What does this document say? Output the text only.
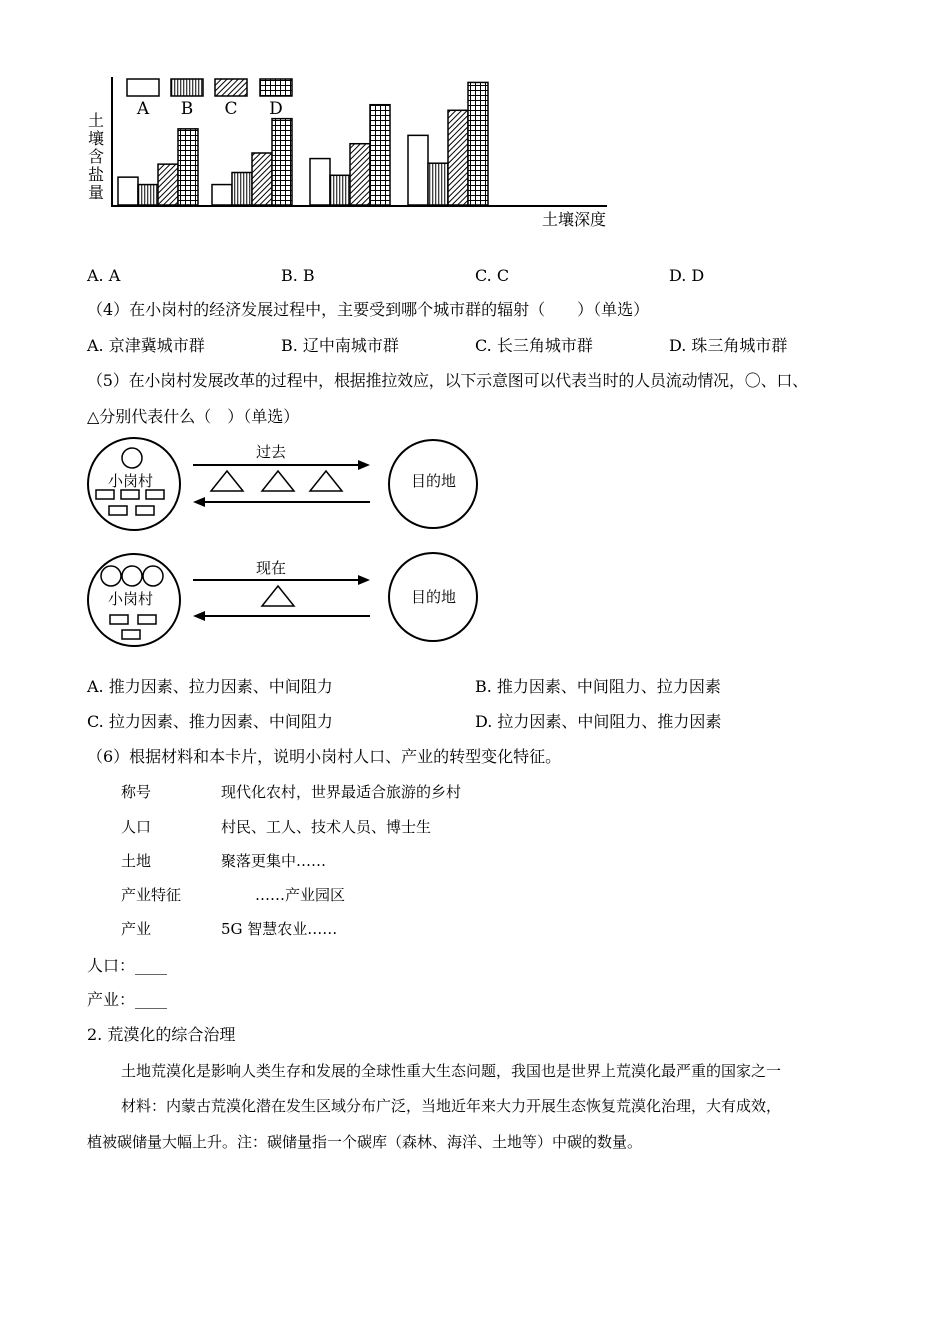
土壤含盐量
土壤深度
A B C D
A. A	B. B	C. C	D. D
（4）在小岗村的经济发展过程中，主要受到哪个城市群的辐射（　　）（单选）
A. 京津冀城市群	B. 辽中南城市群	C. 长三角城市群	D. 珠三角城市群
（5）在小岗村发展改革的过程中，根据推拉效应，以下示意图可以代表当时的人员流动情况，〇、口、
△分别代表什么（　）（单选）
小岗村
过去
目的地
小岗村
现在
目的地
A. 推力因素、拉力因素、中间阻力	B. 推力因素、中间阻力、拉力因素
C. 拉力因素、推力因素、中间阻力	D. 拉力因素、中间阻力、推力因素
（6）根据材料和本卡片，说明小岗村人口、产业的转型变化特征。
称号	现代化农村，世界最适合旅游的乡村
人口	村民、工人、技术人员、博士生
土地	聚落更集中……
产业特征	……产业园区
产业	5G 智慧农业……
人口：____
产业：____
2. 荒漠化的综合治理
土地荒漠化是影响人类生存和发展的全球性重大生态问题，我国也是世界上荒漠化最严重的国家之一
材料：内蒙古荒漠化潜在发生区域分布广泛，当地近年来大力开展生态恢复荒漠化治理，大有成效，
植被碳储量大幅上升。注：碳储量指一个碳库（森林、海洋、土地等）中碳的数量。
